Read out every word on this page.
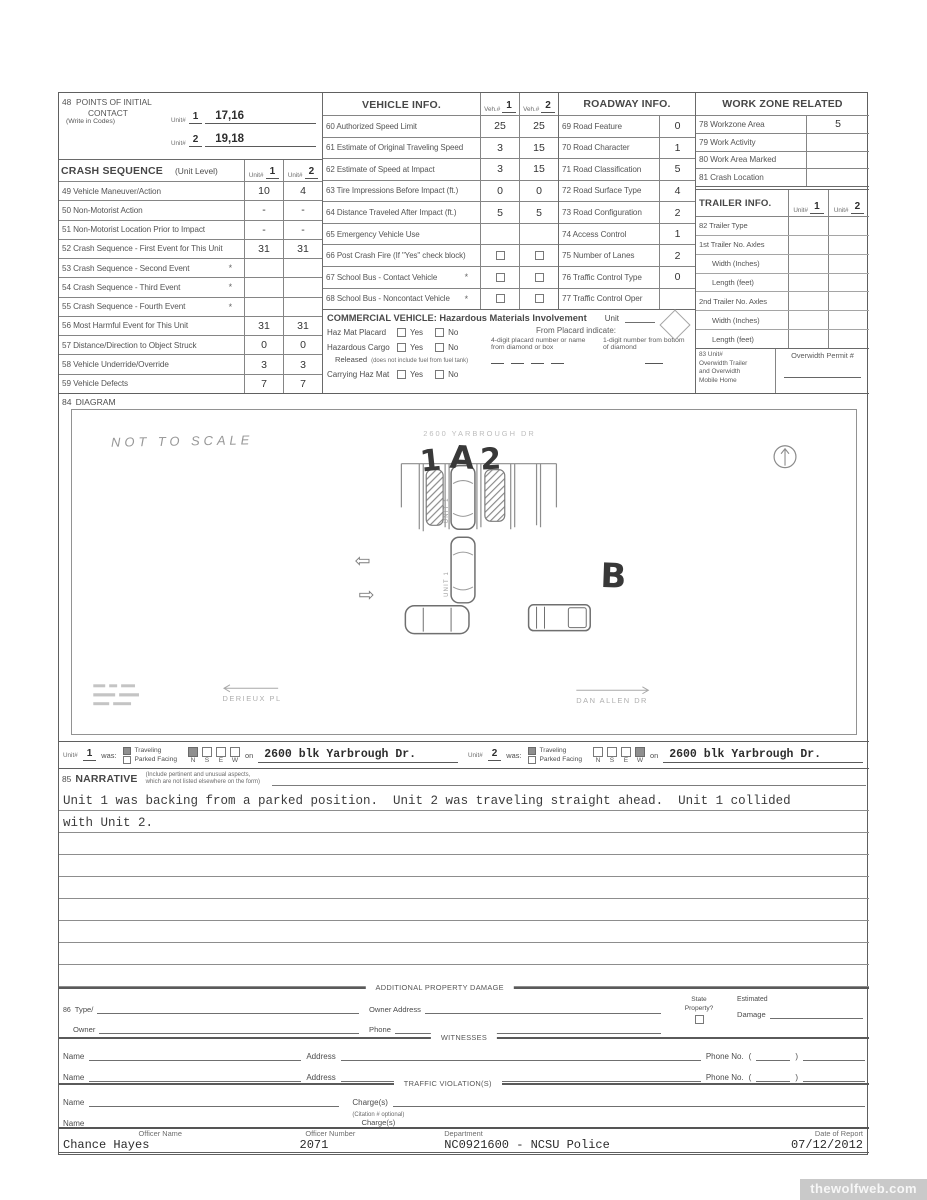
48 POINTS OF INITIAL
CONTACT
(Write in Codes)	Unit# 1	17,16
Unit# 2	19,18
CRASH SEQUENCE (Unit Level)	Unit# 1	Unit# 2
49 Vehicle Maneuver/Action	10	4
50 Non-Motorist Action	-	-
51 Non-Motorist Location Prior to Impact	-	-
52 Crash Sequence - First Event for This Unit	31	31
53 Crash Sequence - Second Event	*
54 Crash Sequence - Third Event	*
55 Crash Sequence - Fourth Event	*
56 Most Harmful Event for This Unit	31	31
57 Distance/Direction to Object Struck	0	0
58 Vehicle Underride/Override	3	3
59 Vehicle Defects	7	7
VEHICLE INFO.	Veh.# 1	Veh.# 2
60 Authorized Speed Limit	25	25
61 Estimate of Original Traveling Speed	3	15
62 Estimate of Speed at Impact	3	15
63 Tire Impressions Before Impact (ft.)	0	0
64 Distance Traveled After Impact (ft.)	5	5
65 Emergency Vehicle Use
66 Post Crash Fire (If "Yes" check block)
67 School Bus - Contact Vehicle	*
68 School Bus - Noncontact Vehicle *
COMMERCIAL VEHICLE: Hazardous Materials Involvement Unit
Haz Mat Placard	Yes	No
Hazardous Cargo	Yes	No
Released (does not include fuel from fuel tank)
Carrying Haz Mat	Yes	No
From Placard indicate:
4-digit placard number or name from diamond or box
1-digit number from bottom of diamond
ROADWAY INFO.
69 Road Feature	0
70 Road Character	1
71 Road Classification	5
72 Road Surface Type	4
73 Road Configuration	2
74 Access Control	1
75 Number of Lanes	2
76 Traffic Control Type	0
77 Traffic Control Oper
WORK ZONE RELATED
78 Workzone Area	5
79 Work Activity
80 Work Area Marked
81 Crash Location
TRAILER INFO.
Unit# 1	Unit# 2
82 Trailer Type
1st Trailer No. Axles
Width (Inches)
Length (feet)
2nd Trailer No. Axles
Width (Inches)
Length (feet)
83 Unit#
Overwidth Trailer
and Overwidth
Mobile Home
Overwidth Permit #
84 DIAGRAM
NOT TO SCALE	2600 YARBROUGH DR
UNIT 1
UNIT 1
1 A 2
B
⇦
⇨
DERIEUX PL	DAN ALLEN DR
Unit# 1	was:	Traveling
Parked Facing	N	S	E	W
on 2600 blk Yarbrough Dr.	Unit# 2	was:	Traveling
Parked Facing	N	S	E	W
on 2600 blk Yarbrough Dr.
85 NARRATIVE (Include pertinent and unusual aspects,
which are not listed elsewhere on the form)
Unit 1 was backing from a parked position.  Unit 2 was traveling straight ahead.  Unit 1 collided
with Unit 2.
ADDITIONAL PROPERTY DAMAGE
86 Type/
Owner
Owner Address
Phone
State
Property?
Estimated
Damage
WITNESSES
Name	Address	Phone No. (	)
Name	Address	Phone No. (	)
TRAFFIC VIOLATION(S)
Name	Charge(s)
Name
(Citation # optional)
Charge(s)
Officer Name
Chance Hayes
Officer Number
2071
Department
NC0921600 - NCSU Police
Date of Report
07/12/2012
thewolfweb.com
